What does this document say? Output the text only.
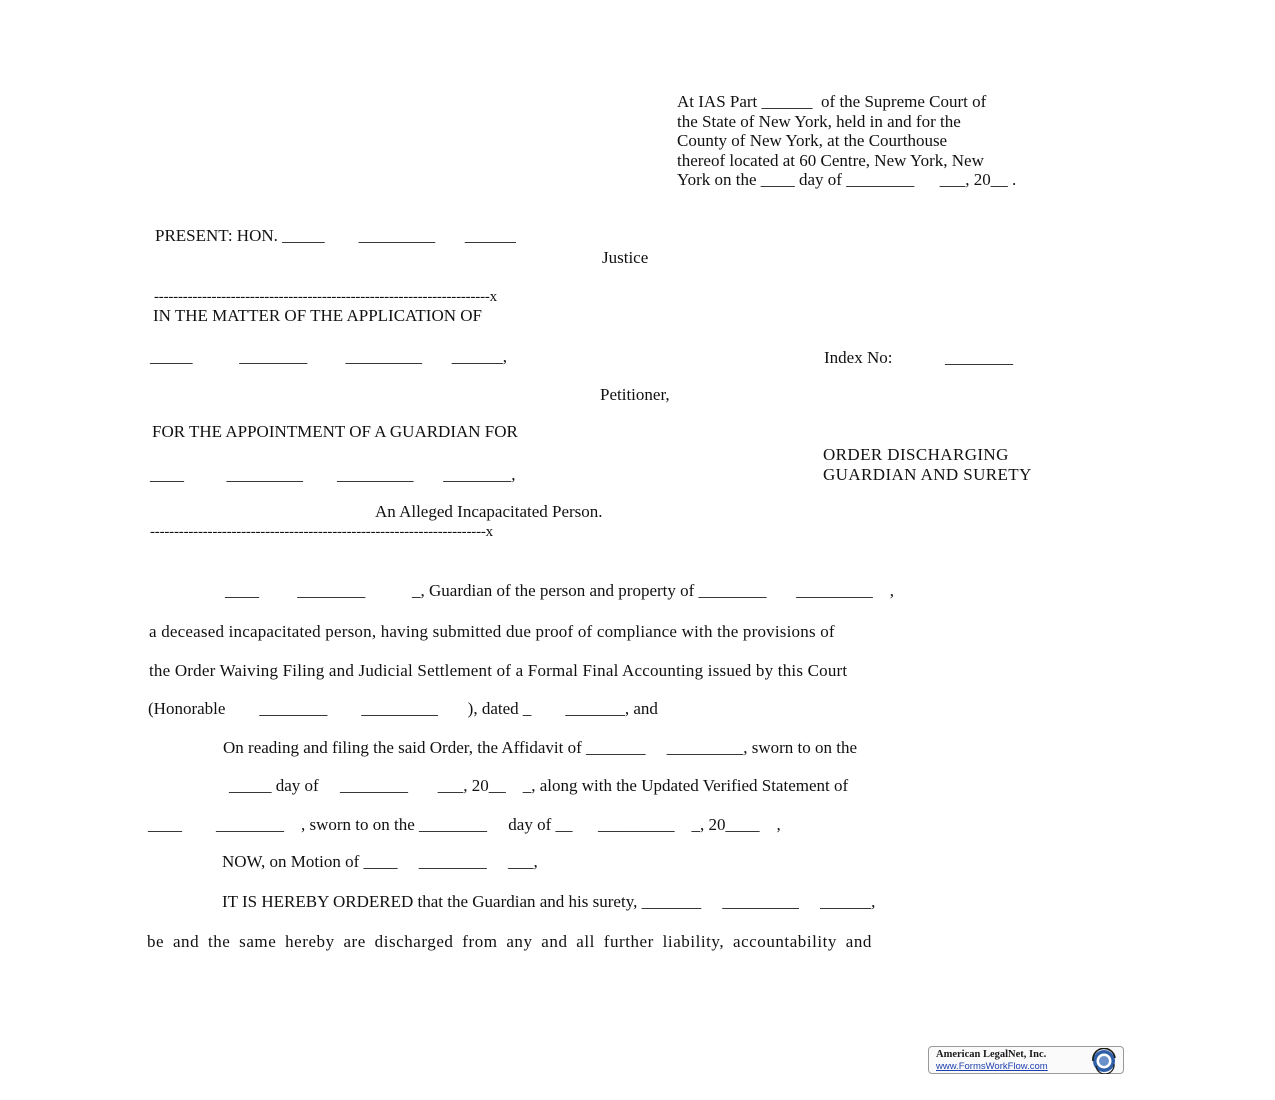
At IAS Part ______  of the Supreme Court of
the State of New York, held in and for the
County of New York, at the Courthouse
thereof located at 60 Centre, New York, New
York on the ____ day of ________      ___, 20__ .
PRESENT: HON. _____        _________       ______
Justice
----------------------------------------------------------------------x
IN THE MATTER OF THE APPLICATION OF
_____           ________         _________       ______,
Petitioner,
FOR THE APPOINTMENT OF A GUARDIAN FOR
____          _________        _________       ________,
An Alleged Incapacitated Person.
----------------------------------------------------------------------x
Index No:	________
ORDER DISCHARGING
GUARDIAN AND SURETY
____         ________           _, Guardian of the person and property of ________       _________    ,
a deceased incapacitated person, having submitted due proof of compliance with the provisions of
the Order Waiving Filing and Judicial Settlement of a Formal Final Accounting issued by this Court
(Honorable        ________        _________       ), dated _        _______, and
On reading and filing the said Order, the Affidavit of _______     _________, sworn to on the
_____ day of     ________       ___, 20__    _, along with the Updated Verified Statement of
____        ________    , sworn to on the ________     day of __      _________    _, 20____    ,
NOW, on Motion of ____     ________     ___,
IT IS HEREBY ORDERED that the Guardian and his surety, _______     _________     ______,
be and the same hereby are discharged from any and all further liability, accountability and
American LegalNet, Inc.
www.FormsWorkFlow.com
